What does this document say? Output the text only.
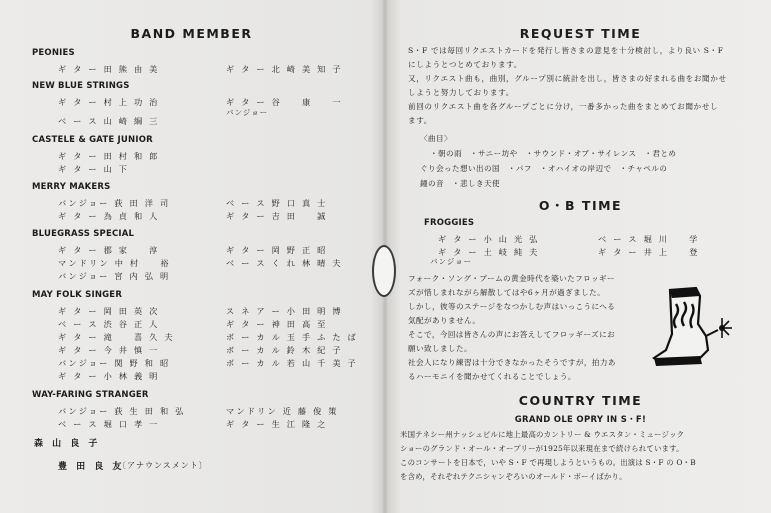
BAND MEMBER
PEONIES
ギ タ ー 田 熊 由 美	ギ タ ー 北 崎 美 知 子
NEW BLUE STRINGS
ギ タ ー 村 上 功 治	ギ タ ー 谷 　 康 　 一
バンジョー
ベ ー ス 山 崎 綱 三
CASTELE & GATE JUNIOR
ギ タ ー 田 村 和 郎
ギ タ ー 山 下
MERRY MAKERS
バンジョー 荻 田 洋 司	ベ ー ス 野 口 真 士
ギ タ ー 為 貞 和 人	ギ タ ー 吉 田 　 誠
BLUEGRASS SPECIAL
ギ タ ー 郡 家 　 淳	ギ タ ー 岡 野 正 昭
マンドリン 中 村 　 裕	ベ ー ス く れ 林 晴 夫
バンジョー 宮 内 弘 明
MAY FOLK SINGER
ギ タ ー 岡 田 英 次	ス ネ ア ー 小 田 明 博
ベ ー ス 渋 谷 正 人	ギ タ ー 神 田 高 至
ギ タ ー 滝 　 喜 久 夫	ボ ー カ ル 玉 手 ふ た ば
ギ タ ー 今 井 慎 一	ボ ー カ ル 鈴 木 紀 子
バンジョー 関 野 和 昭	ボ ー カ ル 若 山 千 美 子
ギ タ ー 小 林 義 明
WAY-FARING STRANGER
バンジョー 荻 生 田 和 弘	マンドリン 近 藤 俊 策
ベ ー ス 堀 口 孝 一	ギ タ ー 生 江 隆 之
森 山 良 子
豊 田 良 友
〔アナウンスメント〕
REQUEST TIME
S・F では毎回リクエストカードを発行し皆さまの意見を十分検討し，より良い S・F
にしようとつとめております。
又，リクエスト曲も，曲別，グループ別に統計を出し，皆さまの好まれる曲をお聞かせ
しようと努力しております。
前回のリクエスト曲を各グループごとに分け，一番多かった曲をまとめてお聞かせし
ます。
〈曲目〉
・朝の雨　・サニー坊や　・サウンド・オブ・サイレンス　・君とめ
ぐり会った想い出の国　・パフ　・オハイオの岸辺で　・チャペルの
鐘の音　・悲しき天使
O・B TIME
FROGGIES
ギ タ ー 小 山 光 弘	ベ ー ス 堀 川 　 学
ギ タ ー 土 岐 純 夫	ギ タ ー 井 上 　 登
バンジョー
フォーク・ソング・ブームの黄金時代を築いたフロッギー
ズが惜しまれながら解散してはや6ヶ月が過ぎました。
しかし，彼等のステージをなつかしむ声はいっこうにへる
気配がありません。
そこで，今回は皆さんの声にお答えしてフロッギーズにお
願い致しました。
社会人になり練習は十分できなかったそうですが，拍力あ
るハーモニイを聞かせてくれることでしょう。
COUNTRY TIME
GRAND OLE OPRY IN S・F!
米国テネシー州ナッシュビルに地上最高のカントリー & ウエスタン・ミュージック
ショーのグランド・オール・オープリーが1925年以来現在まで続けられています。
このコンサートを日本で，いや S・F で再現しようというもの。出演は S・F の O・B
を含め，それぞれテクニシャンぞろいのオールド・ボーイばかり。
